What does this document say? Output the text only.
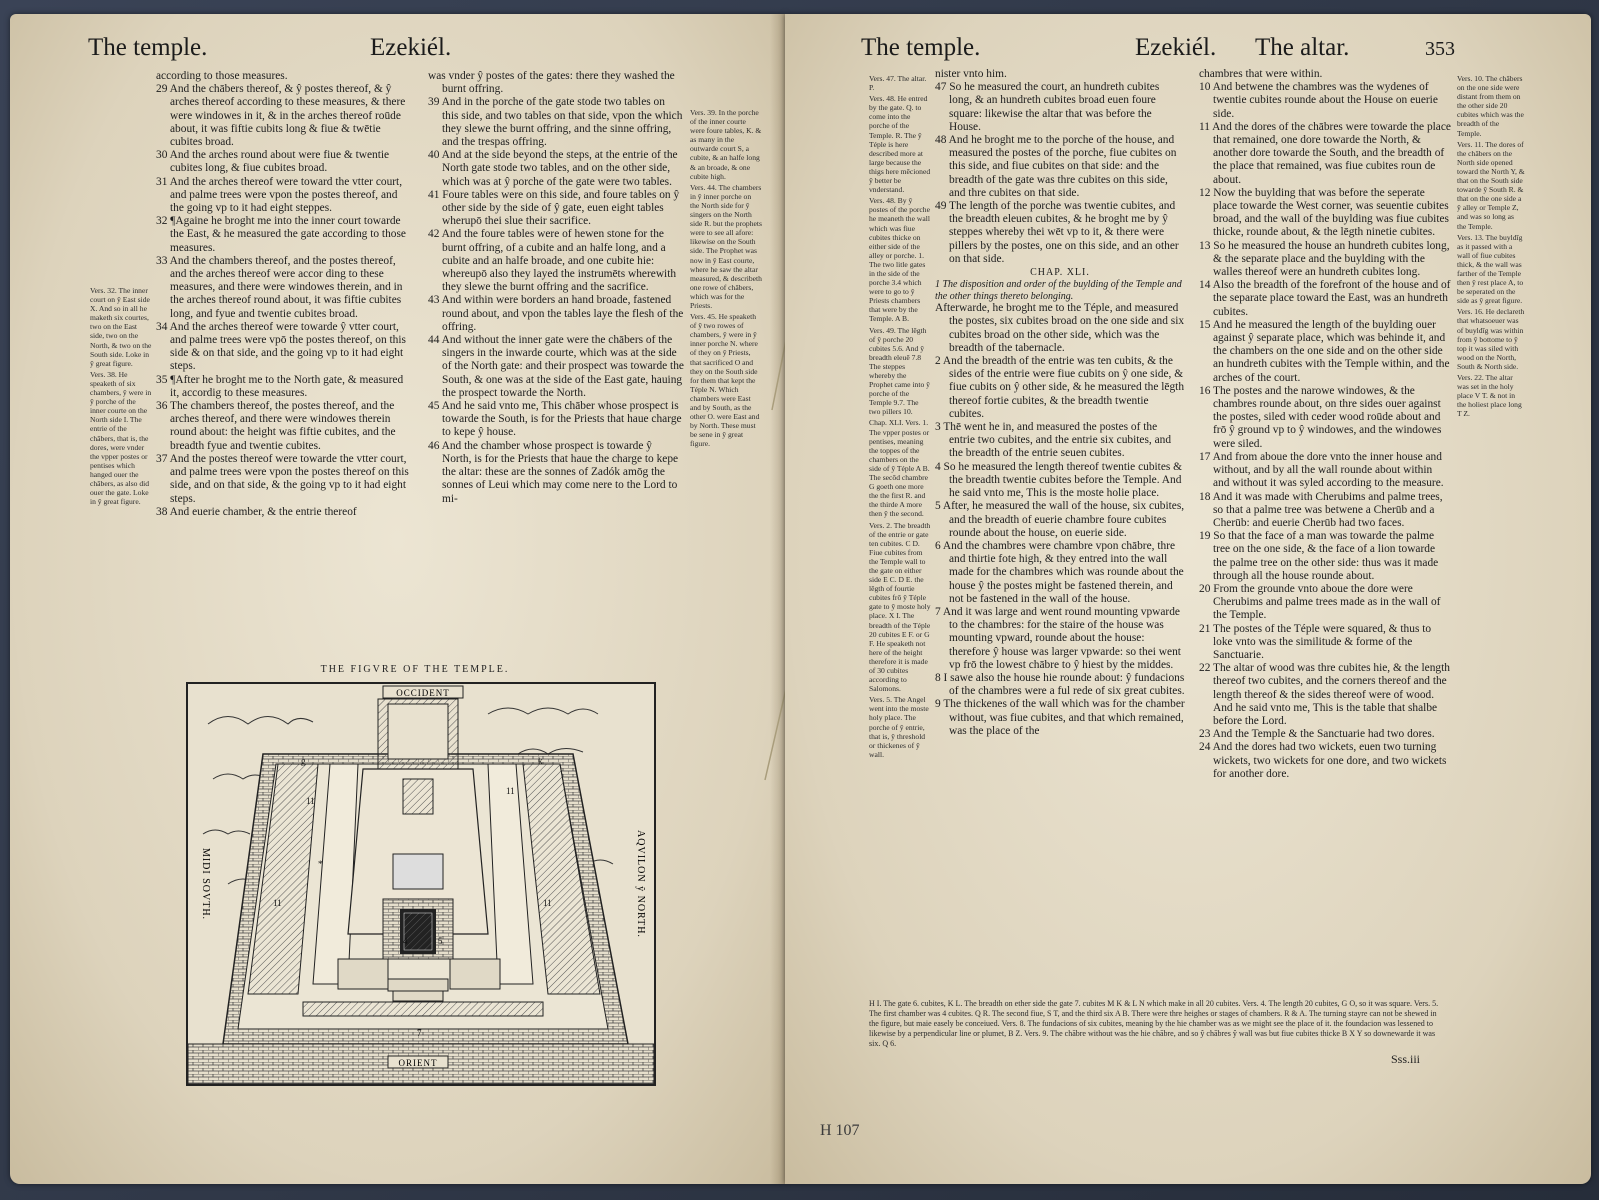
The temple.	Ezekiél.

Vers. 32. The inner court on ŷ East side X. And so in all he maketh six courtes, two on the East side, two on the North, & two on the South side. Loke in ŷ great figure.

Vers. 38. He speaketh of six chambers, ŷ were in ŷ porche of the inner courte on the North side I. The entrie of the chābers, that is, the dores, were vnder the vpper postes or pentises which hanged ouer the chābers, as also did ouer the gate. Loke in ŷ great figure.

according to those measures.

29 And the chābers thereof, & ŷ postes thereof, & ŷ arches thereof according to these measures, & there were windowes in it, & in the arches thereof roūde about, it was fiftie cubits long & fiue & twētie cubites broad.

30 And the arches round about were fiue & twentie cubites long, & fiue cubites broad.

31 And the arches thereof were toward the vtter court, and palme trees were vpon the postes thereof, and the going vp to it had eight steppes.

32 ¶Againe he broght me into the inner court towarde the East, & he measured the gate according to those measures.

33 And the chambers thereof, and the postes thereof, and the arches thereof were accor ding to these measures, and there were windowes therein, and in the arches thereof round about, it was fiftie cubites long, and fyue and twentie cubites broad.

34 And the arches thereof were towarde ŷ vtter court, and palme trees were vpō the postes thereof, on this side & on that side, and the going vp to it had eight steps.

35 ¶After he broght me to the North gate, & measured it, accordig to these measures.

36 The chambers thereof, the postes thereof, and the arches thereof, and there were windowes therein round about: the height was fiftie cubites, and the breadth fyue and twentie cubites.

37 And the postes thereof were towarde the vtter court, and palme trees were vpon the postes thereof on this side, and on that side, & the going vp to it had eight steps.

38 And euerie chamber, & the entrie thereof

was vnder ŷ postes of the gates: there they washed the burnt offring.

39 And in the porche of the gate stode two tables on this side, and two tables on that side, vpon the which they slewe the burnt offring, and the sinne offring, and the trespas offring.

40 And at the side beyond the steps, at the entrie of the North gate stode two tables, and on the other side, which was at ŷ porche of the gate were two tables.

41 Foure tables were on this side, and foure tables on ŷ other side by the side of ŷ gate, euen eight tables wherupō thei slue their sacrifice.

42 And the foure tables were of hewen stone for the burnt offring, of a cubite and an halfe long, and a cubite and an halfe broade, and one cubite hie: whereupō also they layed the instrumēts wherewith they slewe the burnt offring and the sacrifice.

43 And within were borders an hand broade, fastened round about, and vpon the tables laye the flesh of the offring.

44 And without the inner gate were the chābers of the singers in the inwarde courte, which was at the side of the North gate: and their prospect was towarde the South, & one was at the side of the East gate, hauing the prospect towarde the North.

45 And he said vnto me, This chāber whose prospect is towarde the South, is for the Priests that haue charge to kepe ŷ house.

46 And the chamber whose prospect is towarde ŷ North, is for the Priests that haue the charge to kepe the altar: these are the sonnes of Zadók amōg the sonnes of Leui which may come nere to the Lord to mi-

Vers. 39. In the porche of the inner courte were foure tables, K. & as many in the outwarde court S, a cubite, & an halfe long & an broade, & one cubite high.

Vers. 44. The chambers in ŷ inner porche on the North side for ŷ singers on the North side R. but the prophets were to see all afore: likewise on the South side. The Prophet was now in ŷ East courte, where he saw the altar measured, & describeth one rowe of chābers, which was for the Priests.

Vers. 45. He speaketh of ŷ two rowes of chambers, ŷ were in ŷ inner porche N. where of they on ŷ Priests, that sacrificed O and they on the South side for them that kept the Téple N. Which chambers were East and by South, as the other O. were East and by North. These must be sene in ŷ great figure.

THE FIGVRE OF THE TEMPLE.
11
11
11	11
*
4	5
7
g	k
OCCIDENT
ORIENT
MIDI SOVTH.	AQVILON ŷ NORTH.
The temple.	Ezekiél. The altar.	353

Vers. 47. The altar. P.

Vers. 48. He entred by the gate. Q. to come into the porche of the Temple. R. The ŷ Téple is here described more at large because the thigs here mēcioned ŷ better be vnderstand.

Vers. 48. By ŷ postes of the porche he meaneth the wall which was fiue cubites thicke on either side of the alley or porche. 1. The two litle gates in the side of the porche 3.4 which were to go to ŷ Priests chambers that were by the Temple. A B.

Vers. 49. The lēgth of ŷ porche 20 cubites 5.6. And ŷ breadth eleuē 7.8 The steppes whereby the Prophet came into ŷ porche of the Temple 9.7. The two pillers 10.

Chap. XLI. Vers. 1. The vpper postes or pentises, meaning the toppes of the chambers on the side of ŷ Téple A B. The secōd chambre G goeth one more the the first R. and the thirde A more then ŷ the second.

Vers. 2. The breadth of the entrie or gate ten cubites. C D. Fiue cubites from the Temple wall to the gate on either side E C. D E. the lēgth of fourtie cubites frō ŷ Téple gate to ŷ moste holy place. X I. The breadth of the Téple 20 cubites E F. or G F. He speaketh not here of the height therefore it is made of 30 cubites according to Salomons.

Vers. 5. The Angel went into the moste holy place. The porche of ŷ entrie, that is, ŷ threshold or thickenes of ŷ wall.

nister vnto him.

47 So he measured the court, an hundreth cubites long, & an hundreth cubites broad euen foure square: likewise the altar that was before the House.

48 And he broght me to the porche of the house, and measured the postes of the porche, fiue cubites on this side, and fiue cubites on that side: and the breadth of the gate was thre cubites on this side, and thre cubites on that side.

49 The length of the porche was twentie cubites, and the breadth eleuen cubites, & he broght me by ŷ steppes whereby thei wēt vp to it, & there were pillers by the postes, one on this side, and an other on that side.

CHAP. XLI.

1 The disposition and order of the buylding of the Temple and the other things thereto belonging.

Afterwarde, he broght me to the Téple, and measured the postes, six cubites broad on the one side and six cubites broad on the other side, which was the breadth of the tabernacle.

2 And the breadth of the entrie was ten cubits, & the sides of the entrie were fiue cubits on ŷ one side, & fiue cubits on ŷ other side, & he measured the lēgth thereof fortie cubites, & the breadth twentie cubites.

3 Thē went he in, and measured the postes of the entrie two cubites, and the entrie six cubites, and the breadth of the entrie seuen cubites.

4 So he measured the length thereof twentie cubites & the breadth twentie cubites before the Temple. And he said vnto me, This is the moste holie place.

5 After, he measured the wall of the house, six cubites, and the breadth of euerie chambre foure cubites rounde about the house, on euerie side.

6 And the chambres were chambre vpon chābre, thre and thirtie fote high, & they entred into the wall made for the chambres which was rounde about the house ŷ the postes might be fastened therein, and not be fastened in the wall of the house.

7 And it was large and went round mounting vpwarde to the chambres: for the staire of the house was mounting vpward, rounde about the house: therefore ŷ house was larger vpwarde: so thei went vp frō the lowest chābre to ŷ hiest by the middes.

8 I sawe also the house hie rounde about: ŷ fundacions of the chambres were a ful rede of six great cubites.

9 The thickenes of the wall which was for the chamber without, was fiue cubites, and that which remained, was the place of the

chambres that were within.

10 And betwene the chambres was the wydenes of twentie cubites rounde about the House on euerie side.

11 And the dores of the chābres were towarde the place that remained, one dore towarde the North, & another dore towarde the South, and the breadth of the place that remained, was fiue cubites roun de about.

12 Now the buylding that was before the seperate place towarde the West corner, was seuentie cubites broad, and the wall of the buylding was fiue cubites thicke, rounde about, & the lēgth ninetie cubites.

13 So he measured the house an hundreth cubites long, & the separate place and the buylding with the walles thereof were an hundreth cubites long.

14 Also the breadth of the forefront of the house and of the separate place toward the East, was an hundreth cubites.

15 And he measured the length of the buylding ouer against ŷ separate place, which was behinde it, and the chambers on the one side and on the other side an hundreth cubites with the Temple within, and the arches of the court.

16 The postes and the narowe windowes, & the chambres rounde about, on thre sides ouer against the postes, siled with ceder wood roūde about and frō ŷ ground vp to ŷ windowes, and the windowes were siled.

17 And from aboue the dore vnto the inner house and without, and by all the wall rounde about within and without it was syled according to the measure.

18 And it was made with Cherubims and palme trees, so that a palme tree was betwene a Cherūb and a Cherūb: and euerie Cherūb had two faces.

19 So that the face of a man was towarde the palme tree on the one side, & the face of a lion towarde the palme tree on the other side: thus was it made through all the house rounde about.

20 From the grounde vnto aboue the dore were Cherubims and palme trees made as in the wall of the Temple.

21 The postes of the Téple were squared, & thus to loke vnto was the similitude & forme of the Sanctuarie.

22 The altar of wood was thre cubites hie, & the length thereof two cubites, and the corners thereof and the length thereof & the sides thereof were of wood. And he said vnto me, This is the table that shalbe before the Lord.

23 And the Temple & the Sanctuarie had two dores.

24 And the dores had two wickets, euen two turning wickets, two wickets for one dore, and two wickets for another dore.

Vers. 10. The chābers on the one side were distant from them on the other side 20 cubites which was the breadth of the Temple.

Vers. 11. The dores of the chābers on the North side opened toward the North Y, & that on the South side towarde ŷ South R. & that on the one side a ŷ alley or Temple Z, and was so long as the Temple.

Vers. 13. The buyldīg as it passed with a wall of fiue cubites thick, & the wall was farther of the Temple then ŷ rest place A, to be seperated on the side as ŷ great figure.

Vers. 16. He declareth that whatsoeuer was of buyldīg was within from ŷ bottome to ŷ top it was siled with wood on the North, South & North side.

Vers. 22. The altar was set in the holy place V T. & not in the holiest place long T Z.

H I. The gate 6. cubites, K L. The breadth on ether side the gate 7. cubites M K & L N which make in all 20 cubites. Vers. 4. The length 20 cubites, G O, so it was square. Vers. 5. The first chamber was 4 cubites. Q R. The second fiue, S T, and the third six A B. There were thre heighes or stages of chambers. R & A. The turning stayre can not be shewed in the figure, but maie easely be conceiued. Vers. 8. The fundacions of six cubites, meaning by the hie chamber was as we might see the place of it. the foundacion was lessened to likewise by a perpendicular line or plumet, B Z. Vers. 9. The chābre without was the hie chābre, and so ŷ chābres ŷ wall was but fiue cubites thicke B X Y so downewarde it was six. Q 6.
Sss.iii
H 107
